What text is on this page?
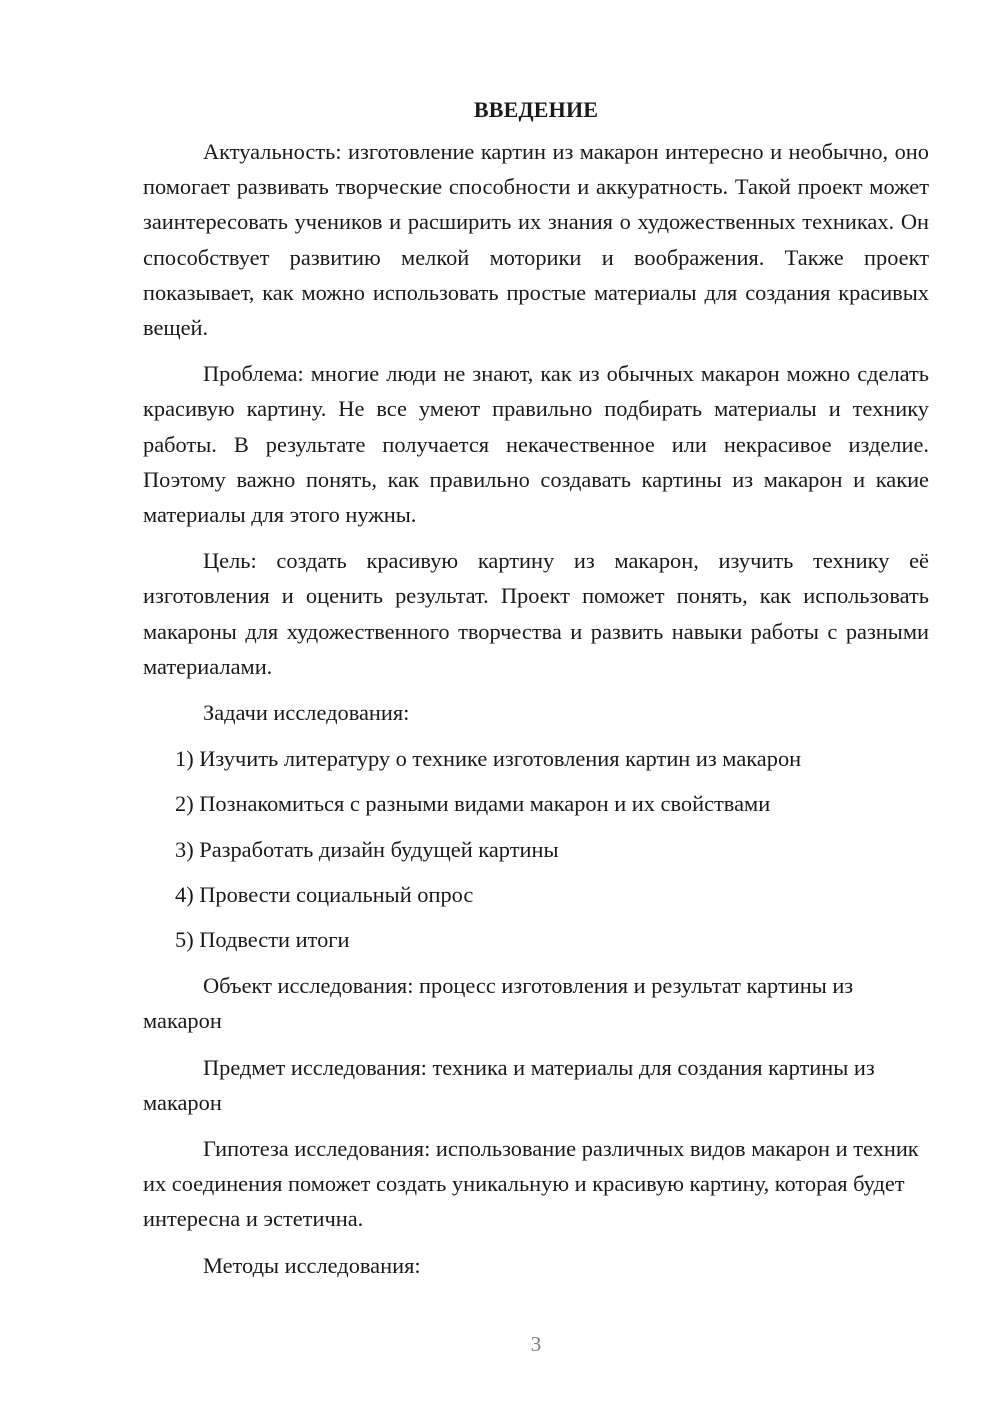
ВВЕДЕНИЕ

Актуальность: изготовление картин из макарон интересно и необычно, оно помогает развивать творческие способности и аккуратность. Такой проект может заинтересовать учеников и расширить их знания о художественных техниках. Он способствует развитию мелкой моторики и воображения. Также проект показывает, как можно использовать простые материалы для создания красивых вещей.

Проблема: многие люди не знают, как из обычных макарон можно сделать красивую картину. Не все умеют правильно подбирать материалы и технику работы. В результате получается некачественное или некрасивое изделие. Поэтому важно понять, как правильно создавать картины из макарон и какие материалы для этого нужны.

Цель: создать красивую картину из макарон, изучить технику её изготовления и оценить результат. Проект поможет понять, как использовать макароны для художественного творчества и развить навыки работы с разными материалами.

Задачи исследования:

1) Изучить литературу о технике изготовления картин из макарон
2) Познакомиться с разными видами макарон и их свойствами
3) Разработать дизайн будущей картины
4) Провести социальный опрос
5) Подвести итоги

Объект исследования: процесс изготовления и результат картины из макарон

Предмет исследования: техника и материалы для создания картины из макарон

Гипотеза исследования: использование различных видов макарон и техник их соединения поможет создать уникальную и красивую картину, которая будет интересна и эстетична.

Методы исследования:

3
